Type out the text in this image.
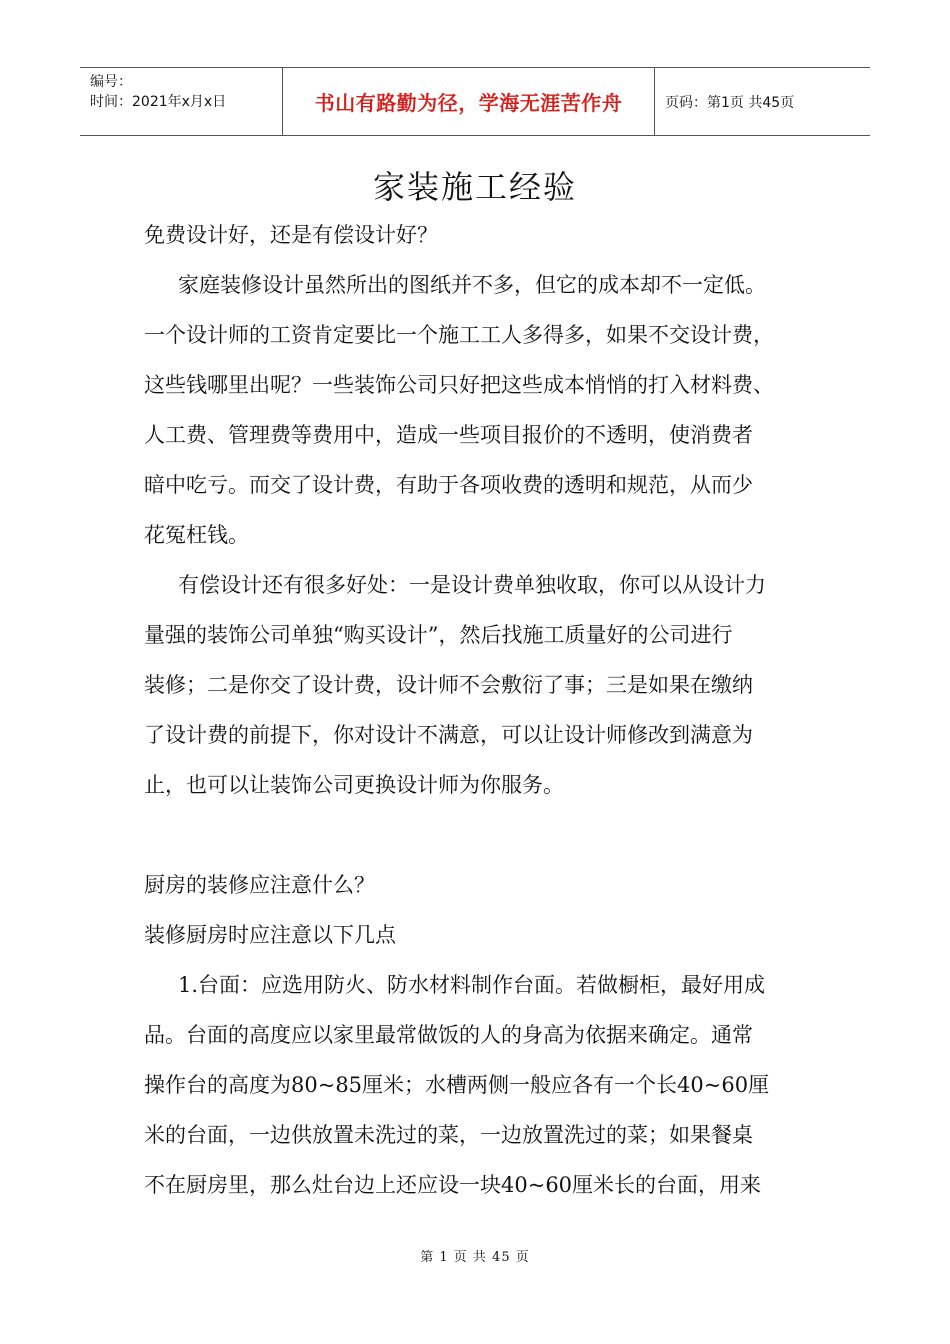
编号：
时间：2021年x月x日	书山有路勤为径，学海无涯苦作舟	页码：第1页 共45页
家装施工经验
免费设计好，还是有偿设计好？
家庭装修设计虽然所出的图纸并不多，但它的成本却不一定低。
一个设计师的工资肯定要比一个施工工人多得多，如果不交设计费，
这些钱哪里出呢？一些装饰公司只好把这些成本悄悄的打入材料费、
人工费、管理费等费用中，造成一些项目报价的不透明，使消费者
暗中吃亏。而交了设计费，有助于各项收费的透明和规范，从而少
花冤枉钱。
有偿设计还有很多好处：一是设计费单独收取，你可以从设计力
量强的装饰公司单独“购买设计”，然后找施工质量好的公司进行
装修；二是你交了设计费，设计师不会敷衍了事；三是如果在缴纳
了设计费的前提下，你对设计不满意，可以让设计师修改到满意为
止，也可以让装饰公司更换设计师为你服务。
厨房的装修应注意什么？
装修厨房时应注意以下几点
1.台面：应选用防火、防水材料制作台面。若做橱柜，最好用成
品。台面的高度应以家里最常做饭的人的身高为依据来确定。通常
操作台的高度为80~85厘米；水槽两侧一般应各有一个长40~60厘
米的台面，一边供放置未洗过的菜，一边放置洗过的菜；如果餐桌
不在厨房里，那么灶台边上还应设一块40~60厘米长的台面，用来
第 1 页 共 45 页
